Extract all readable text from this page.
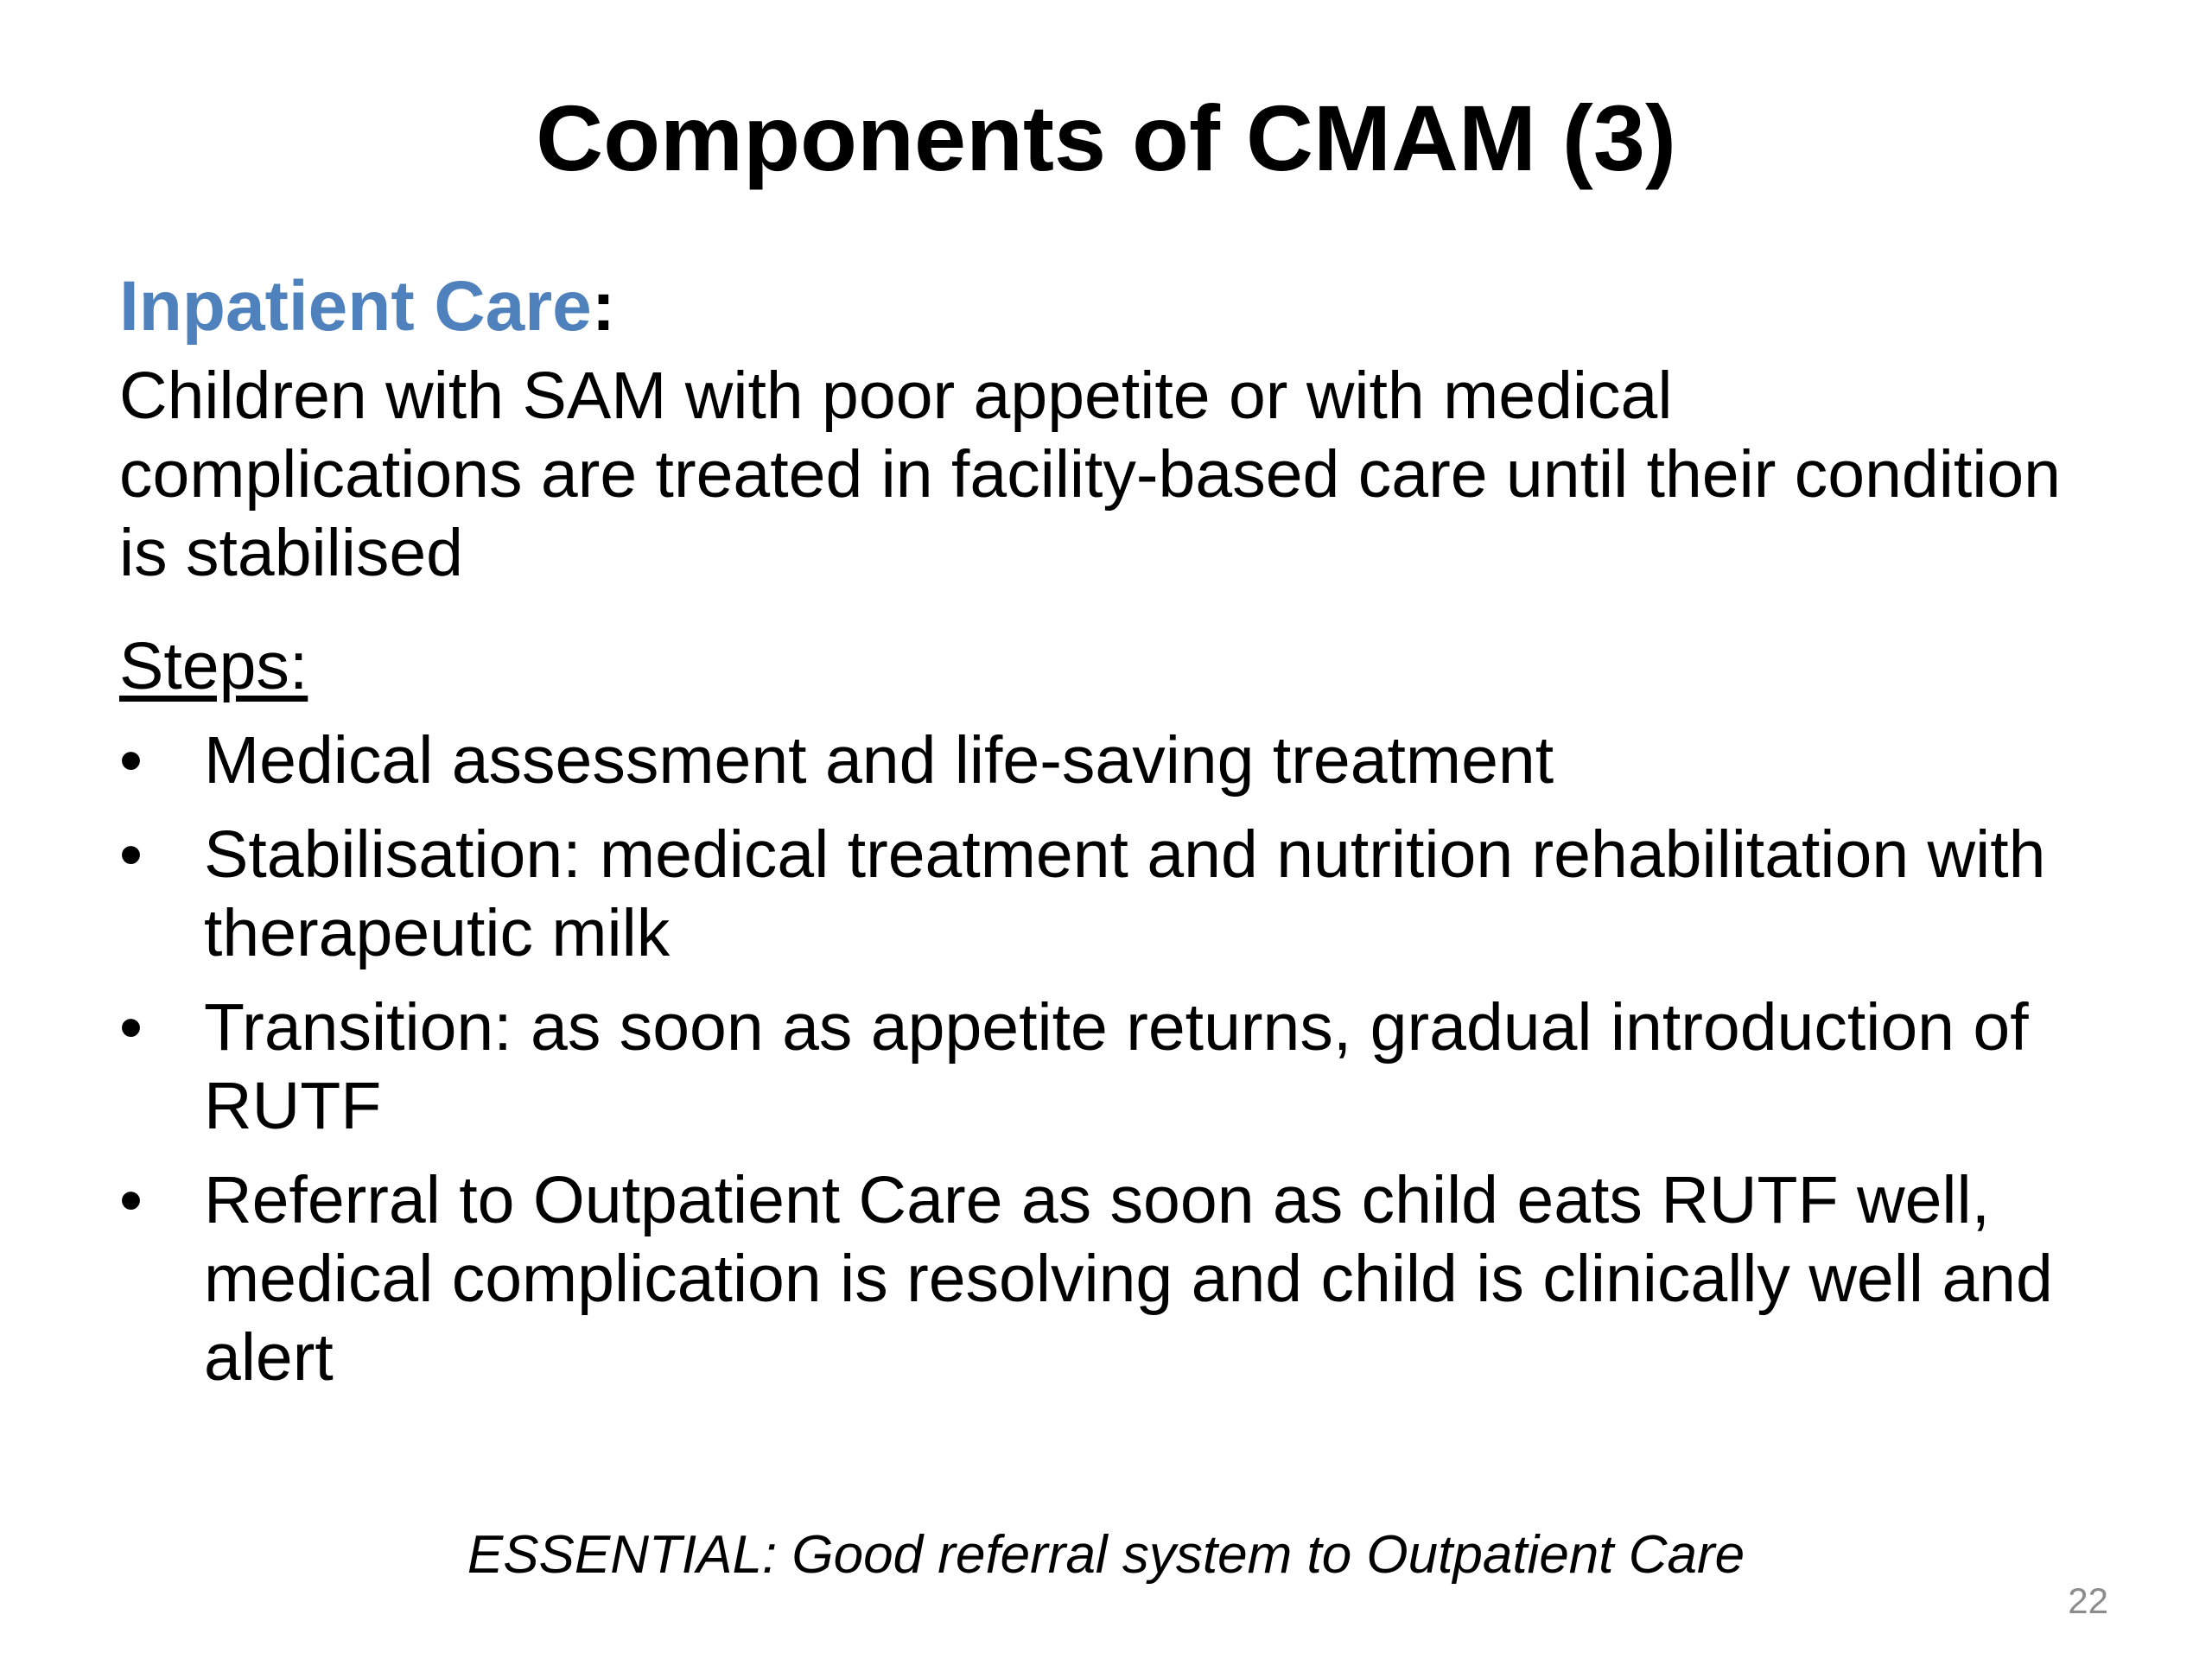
Components of CMAM (3)

Inpatient Care:

Children with SAM with poor appetite or with medical complications are treated in facility-based care until their condition is stabilised

Steps:

• Medical assessment and life-saving treatment
• Stabilisation: medical treatment and nutrition rehabilitation with therapeutic milk
• Transition: as soon as appetite returns, gradual introduction of RUTF
• Referral to Outpatient Care as soon as child eats RUTF well, medical complication is resolving and child is clinically well and alert
ESSENTIAL: Good referral system to Outpatient Care
22
